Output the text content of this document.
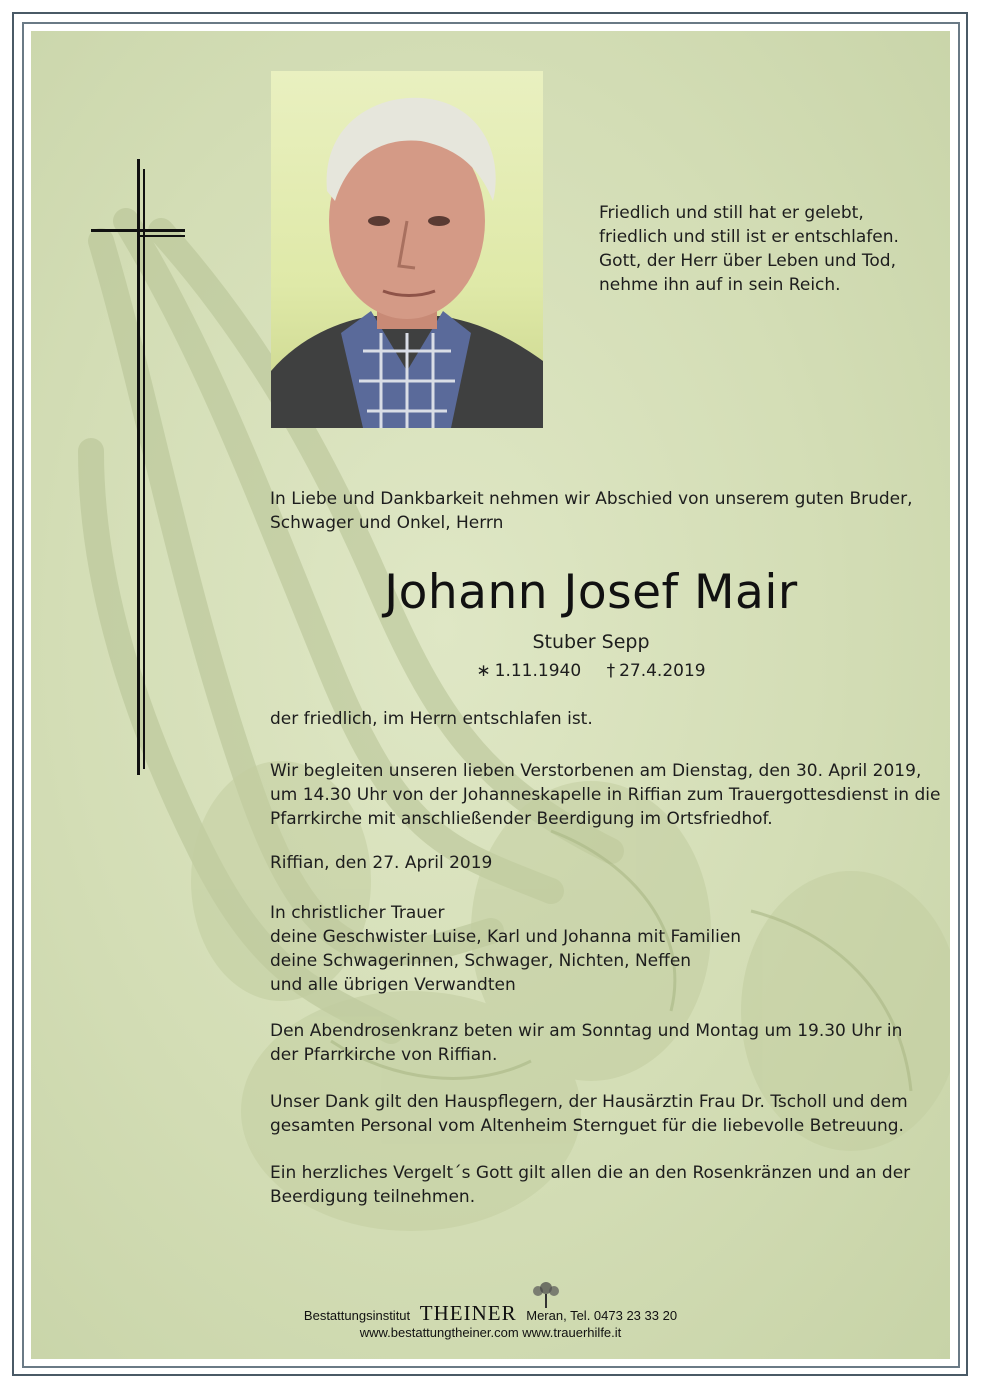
Friedlich und still hat er gelebt,
friedlich und still ist er entschlafen.
Gott, der Herr über Leben und Tod,
nehme ihn auf in sein Reich.
In Liebe und Dankbarkeit nehmen wir Abschied von unserem guten Bruder,
Schwager und Onkel, Herrn
Johann Josef Mair
Stuber Sepp
∗ 1.11.1940 † 27.4.2019
der friedlich, im Herrn entschlafen ist.
Wir begleiten unseren lieben Verstorbenen am Dienstag, den 30. April 2019,
um 14.30 Uhr von der Johanneskapelle in Riffian zum Trauergottesdienst in die
Pfarrkirche mit anschließender Beerdigung im Ortsfriedhof.
Riffian, den 27. April 2019
In christlicher Trauer
deine Geschwister Luise, Karl und Johanna mit Familien
deine Schwagerinnen, Schwager, Nichten, Neffen
und alle übrigen Verwandten
Den Abendrosenkranz beten wir am Sonntag und Montag um 19.30 Uhr in
der Pfarrkirche von Riffian.
Unser Dank gilt den Hauspflegern, der Hausärztin Frau Dr. Tscholl und dem
gesamten Personal vom Altenheim Sternguet für die liebevolle Betreuung.
Ein herzliches Vergelt´s Gott gilt allen die an den Rosenkränzen und an der
Beerdigung teilnehmen.
Bestattungsinstitut THEINER Meran, Tel. 0473 23 33 20
www.bestattungtheiner.com www.trauerhilfe.it
